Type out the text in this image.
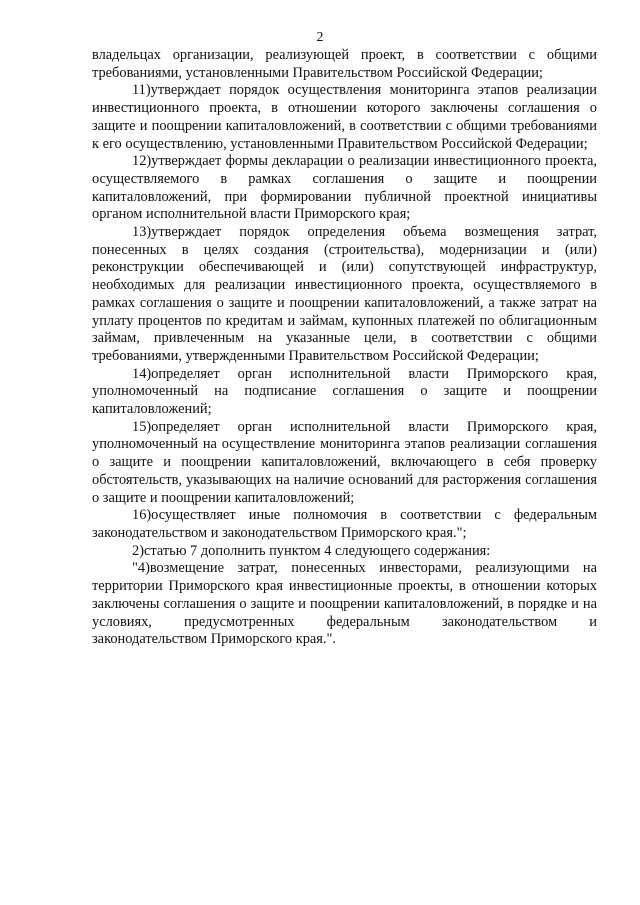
2

владельцах организации, реализующей проект, в соответствии с общими требованиями, установленными Правительством Российской Федерации;

11)утверждает порядок осуществления мониторинга этапов реализации инвестиционного проекта, в отношении которого заключены соглашения о защите и поощрении капиталовложений, в соответствии с общими требованиями к его осуществлению, установленными Правительством Российской Федерации;

12)утверждает формы декларации о реализации инвестиционного проекта, осуществляемого в рамках соглашения о защите и поощрении капиталовложений, при формировании публичной проектной инициативы органом исполнительной власти Приморского края;

13)утверждает порядок определения объема возмещения затрат, понесенных в целях создания (строительства), модернизации и (или) реконструкции обеспечивающей и (или) сопутствующей инфраструктур, необходимых для реализации инвестиционного проекта, осуществляемого в рамках соглашения о защите и поощрении капиталовложений, а также затрат на уплату процентов по кредитам и займам, купонных платежей по облигационным займам, привлеченным на указанные цели, в соответствии с общими требованиями, утвержденными Правительством Российской Федерации;

14)определяет орган исполнительной власти Приморского края, уполномоченный на подписание соглашения о защите и поощрении капиталовложений;

15)определяет орган исполнительной власти Приморского края, уполномоченный на осуществление мониторинга этапов реализации соглашения о защите и поощрении капиталовложений, включающего в себя проверку обстоятельств, указывающих на наличие оснований для расторжения соглашения о защите и поощрении капиталовложений;

16)осуществляет иные полномочия в соответствии с федеральным законодательством и законодательством Приморского края.";

2)статью 7 дополнить пунктом 4 следующего содержания:

"4)возмещение затрат, понесенных инвесторами, реализующими на территории Приморского края инвестиционные проекты, в отношении которых заключены соглашения о защите и поощрении капиталовложений, в порядке и на условиях, предусмотренных федеральным законодательством и законодательством Приморского края.".
